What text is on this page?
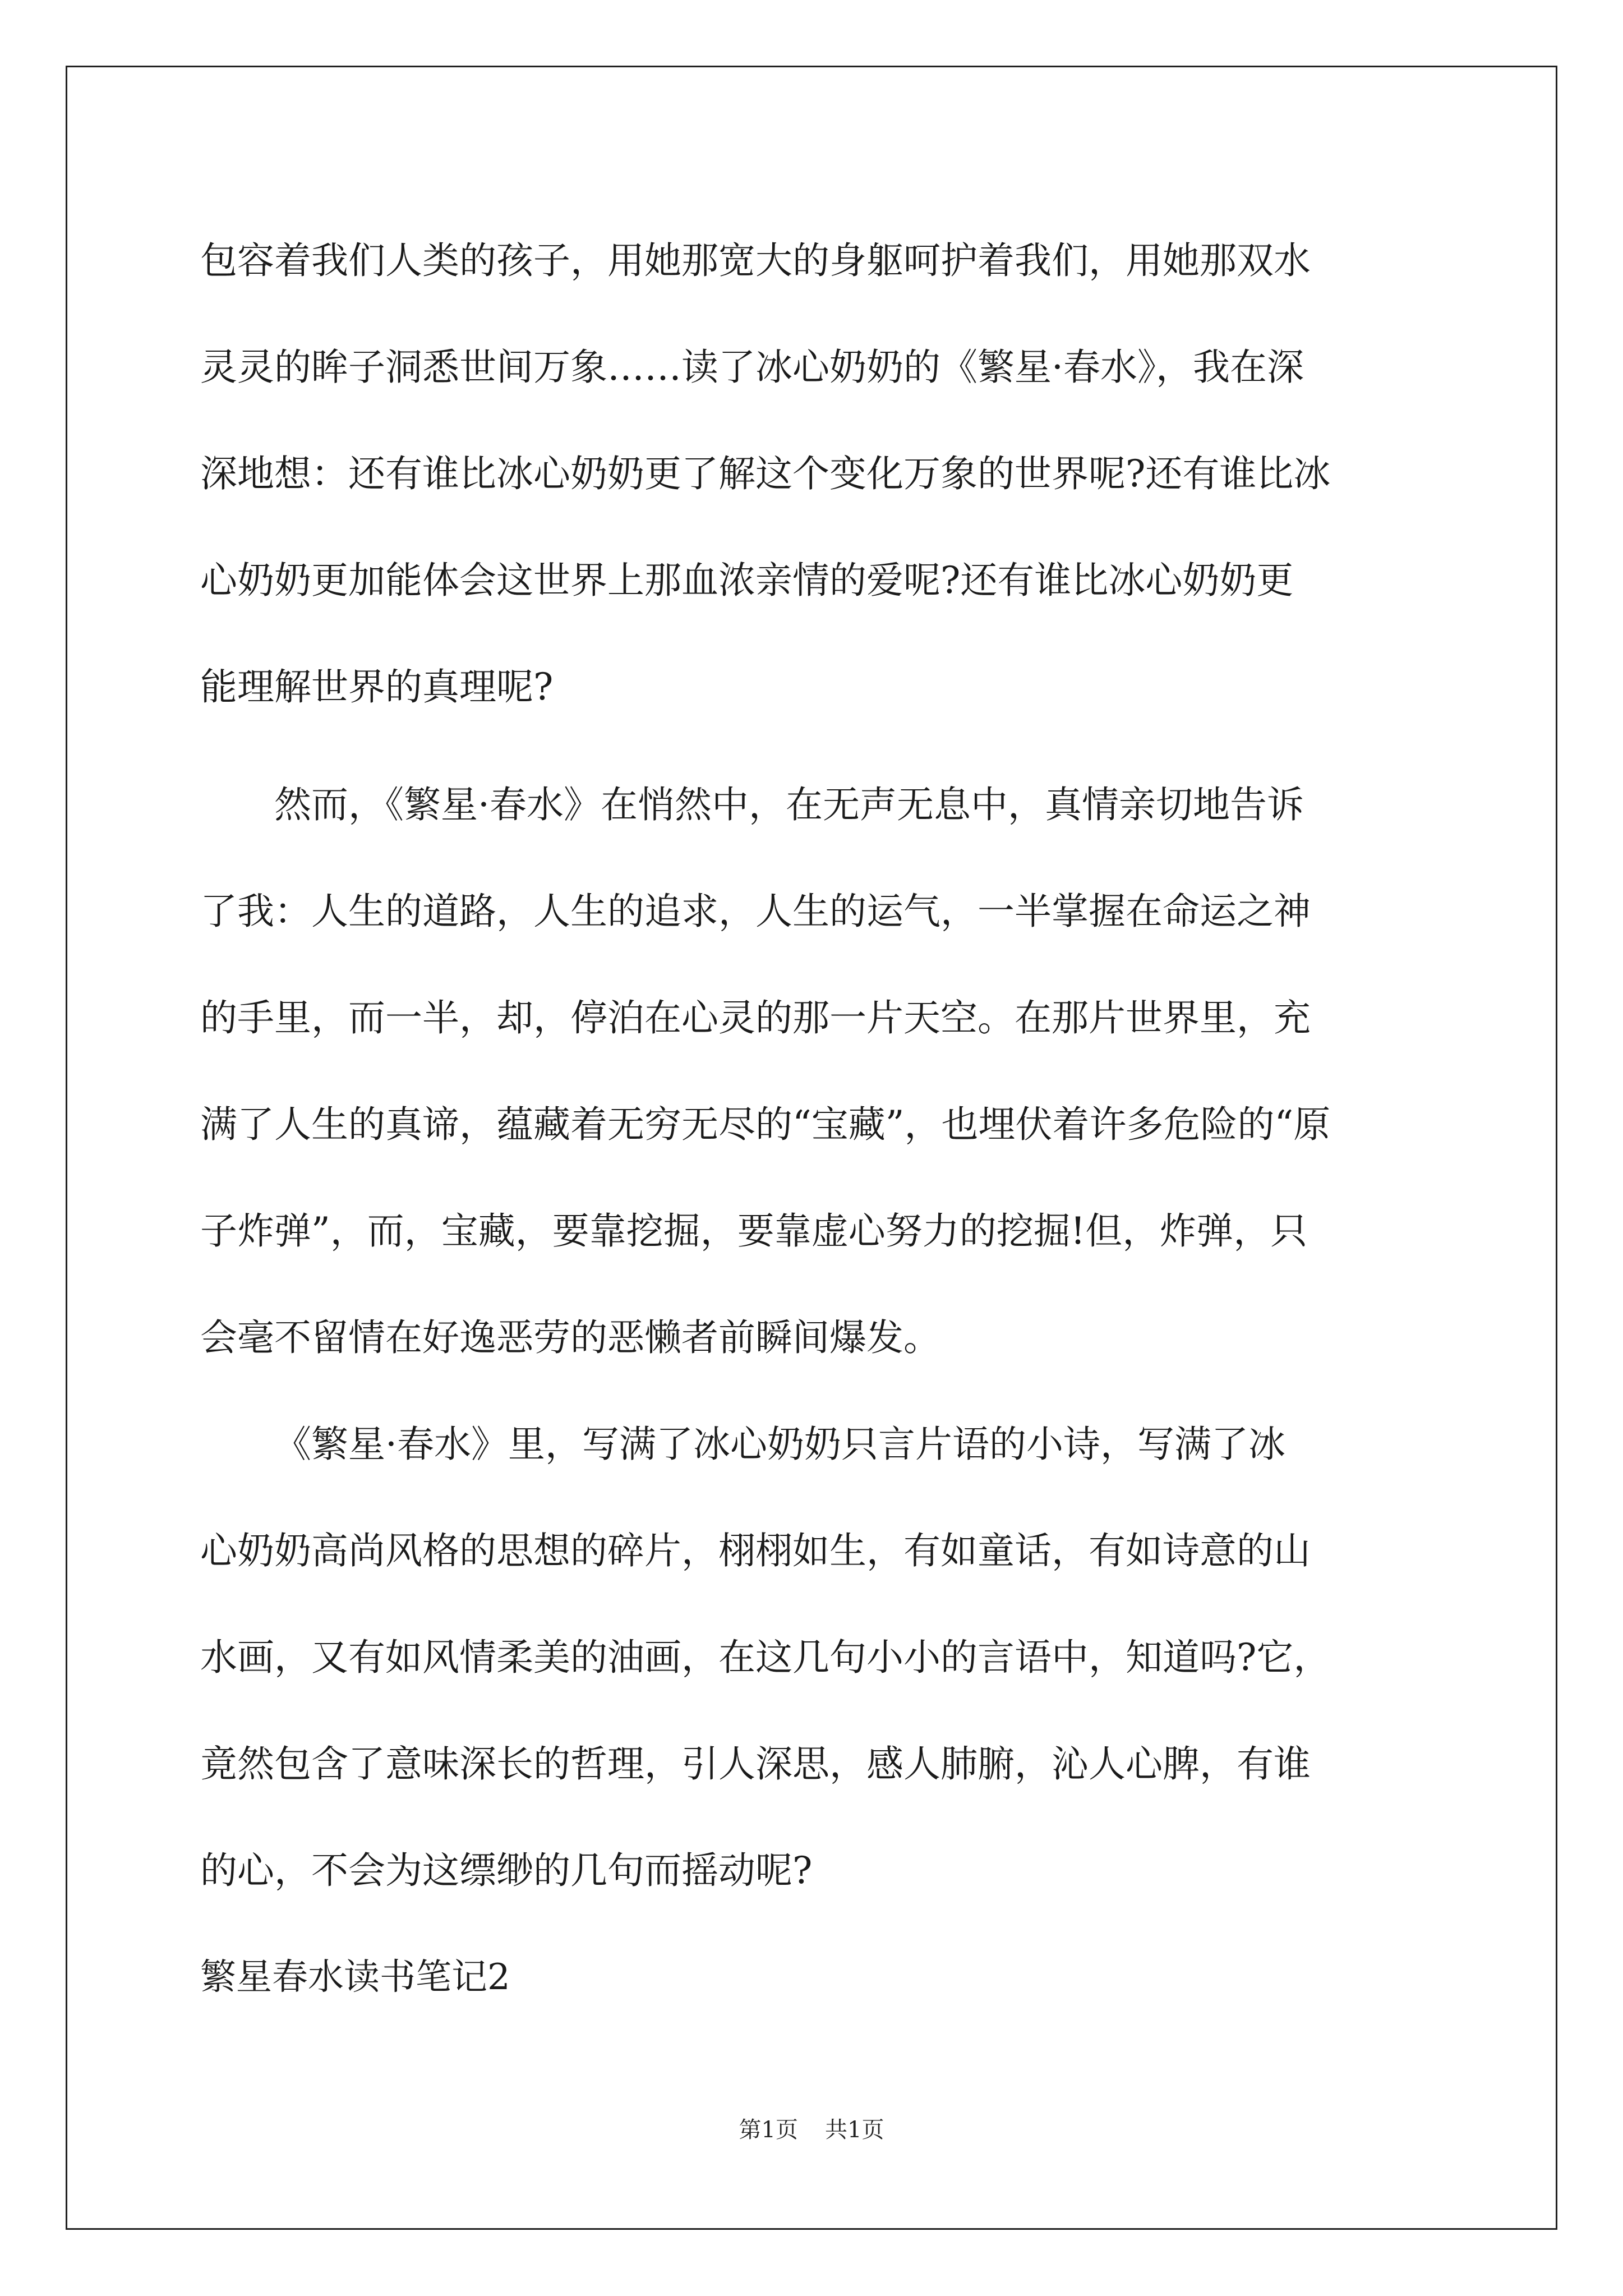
包容着我们人类的孩子，用她那宽大的身躯呵护着我们，用她那双水
灵灵的眸子洞悉世间万象……读了冰心奶奶的《繁星·春水》，我在深
深地想：还有谁比冰心奶奶更了解这个变化万象的世界呢?还有谁比冰
心奶奶更加能体会这世界上那血浓亲情的爱呢?还有谁比冰心奶奶更
能理解世界的真理呢?
然而，《繁星·春水》在悄然中，在无声无息中，真情亲切地告诉
了我：人生的道路，人生的追求，人生的运气，一半掌握在命运之神
的手里，而一半，却，停泊在心灵的那一片天空。在那片世界里，充
满了人生的真谛，蕴藏着无穷无尽的“宝藏”，也埋伏着许多危险的“原
子炸弹”，而，宝藏，要靠挖掘，要靠虚心努力的挖掘!但，炸弹，只
会毫不留情在好逸恶劳的恶懒者前瞬间爆发。
《繁星·春水》里，写满了冰心奶奶只言片语的小诗，写满了冰
心奶奶高尚风格的思想的碎片，栩栩如生，有如童话，有如诗意的山
水画，又有如风情柔美的油画，在这几句小小的言语中，知道吗?它，
竟然包含了意味深长的哲理，引人深思，感人肺腑，沁人心脾，有谁
的心，不会为这缥缈的几句而摇动呢?
繁星春水读书笔记2
第1页 共1页
